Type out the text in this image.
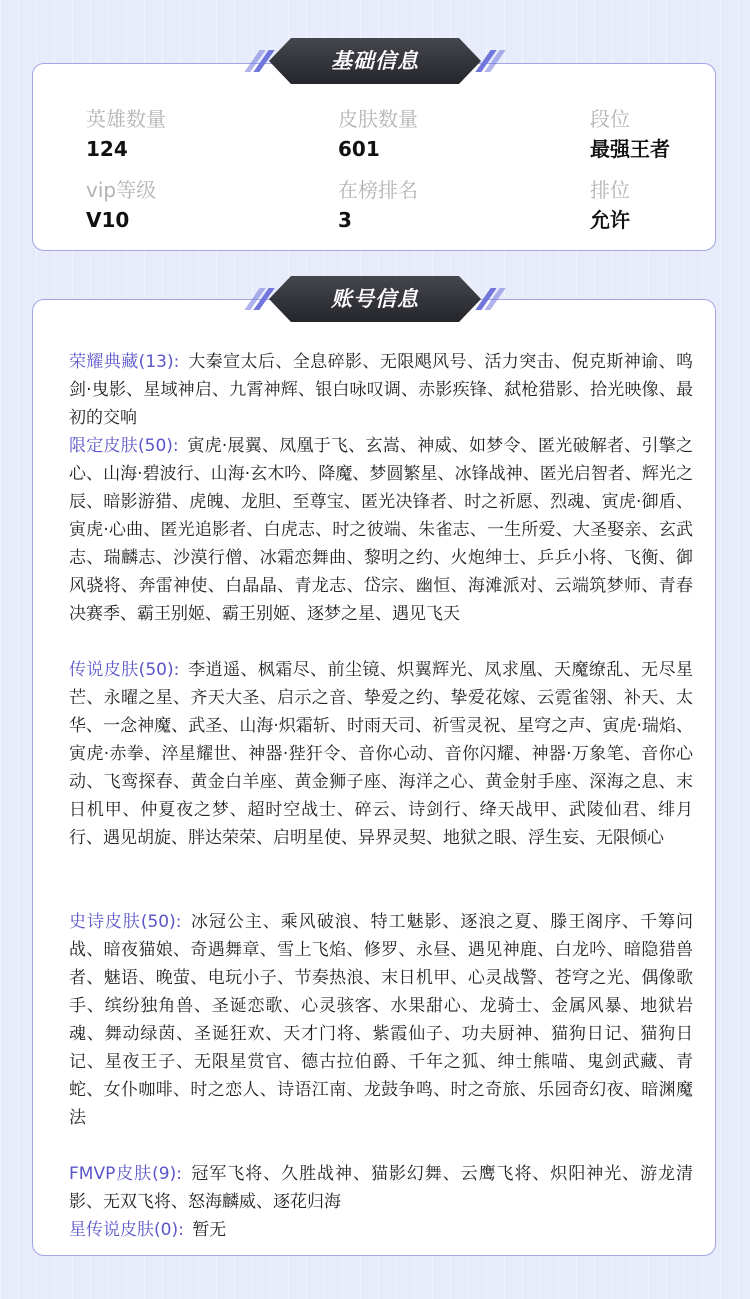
英雄数量
124
皮肤数量
601
段位
最强王者
vip等级
V10
在榜排名
3
排位
允许
基础信息
账号信息
荣耀典藏(13):  大秦宣太后、全息碎影、无限飓风号、活力突击、倪克斯神谕、鸣剑·曳影、星域神启、九霄神辉、银白咏叹调、赤影疾锋、弑枪猎影、拾光映像、最初的交响
限定皮肤(50):  寅虎·展翼、凤凰于飞、玄嵩、神威、如梦令、匿光破解者、引擎之心、山海·碧波行、山海·玄木吟、降魔、梦圆繁星、冰锋战神、匿光启智者、辉光之辰、暗影游猎、虎魄、龙胆、至尊宝、匿光决锋者、时之祈愿、烈魂、寅虎·御盾、寅虎·心曲、匿光追影者、白虎志、时之彼端、朱雀志、一生所爱、大圣娶亲、玄武志、瑞麟志、沙漠行僧、冰霜恋舞曲、黎明之约、火炮绅士、乒乒小将、飞衡、御风骁将、奔雷神使、白晶晶、青龙志、岱宗、幽恒、海滩派对、云端筑梦师、青春决赛季、霸王别姬、霸王别姬、逐梦之星、遇见飞天
传说皮肤(50):  李逍遥、枫霜尽、前尘镜、炽翼辉光、凤求凰、天魔缭乱、无尽星芒、永曜之星、齐天大圣、启示之音、挚爱之约、挚爱花嫁、云霓雀翎、补天、太华、一念神魔、武圣、山海·炽霜斩、时雨天司、祈雪灵祝、星穹之声、寅虎·瑞焰、寅虎·赤拳、淬星耀世、神器·狴犴令、音你心动、音你闪耀、神器·万象笔、音你心动、飞鸾探春、黄金白羊座、黄金狮子座、海洋之心、黄金射手座、深海之息、末日机甲、仲夏夜之梦、超时空战士、碎云、诗剑行、绛天战甲、武陵仙君、绯月行、遇见胡旋、胖达荣荣、启明星使、异界灵契、地狱之眼、浮生妄、无限倾心
史诗皮肤(50):  冰冠公主、乘风破浪、特工魅影、逐浪之夏、滕王阁序、千筹问战、暗夜猫娘、奇遇舞章、雪上飞焰、修罗、永昼、遇见神鹿、白龙吟、暗隐猎兽者、魅语、晚萤、电玩小子、节奏热浪、末日机甲、心灵战警、苍穹之光、偶像歌手、缤纷独角兽、圣诞恋歌、心灵骇客、水果甜心、龙骑士、金属风暴、地狱岩魂、舞动绿茵、圣诞狂欢、天才门将、紫霞仙子、功夫厨神、猫狗日记、猫狗日记、星夜王子、无限星赏官、德古拉伯爵、千年之狐、绅士熊喵、鬼剑武藏、青蛇、女仆咖啡、时之恋人、诗语江南、龙鼓争鸣、时之奇旅、乐园奇幻夜、暗渊魔法
FMVP皮肤(9):  冠军飞将、久胜战神、猫影幻舞、云鹰飞将、炽阳神光、游龙清影、无双飞将、怒海麟威、逐花归海
星传说皮肤(0):  暂无
